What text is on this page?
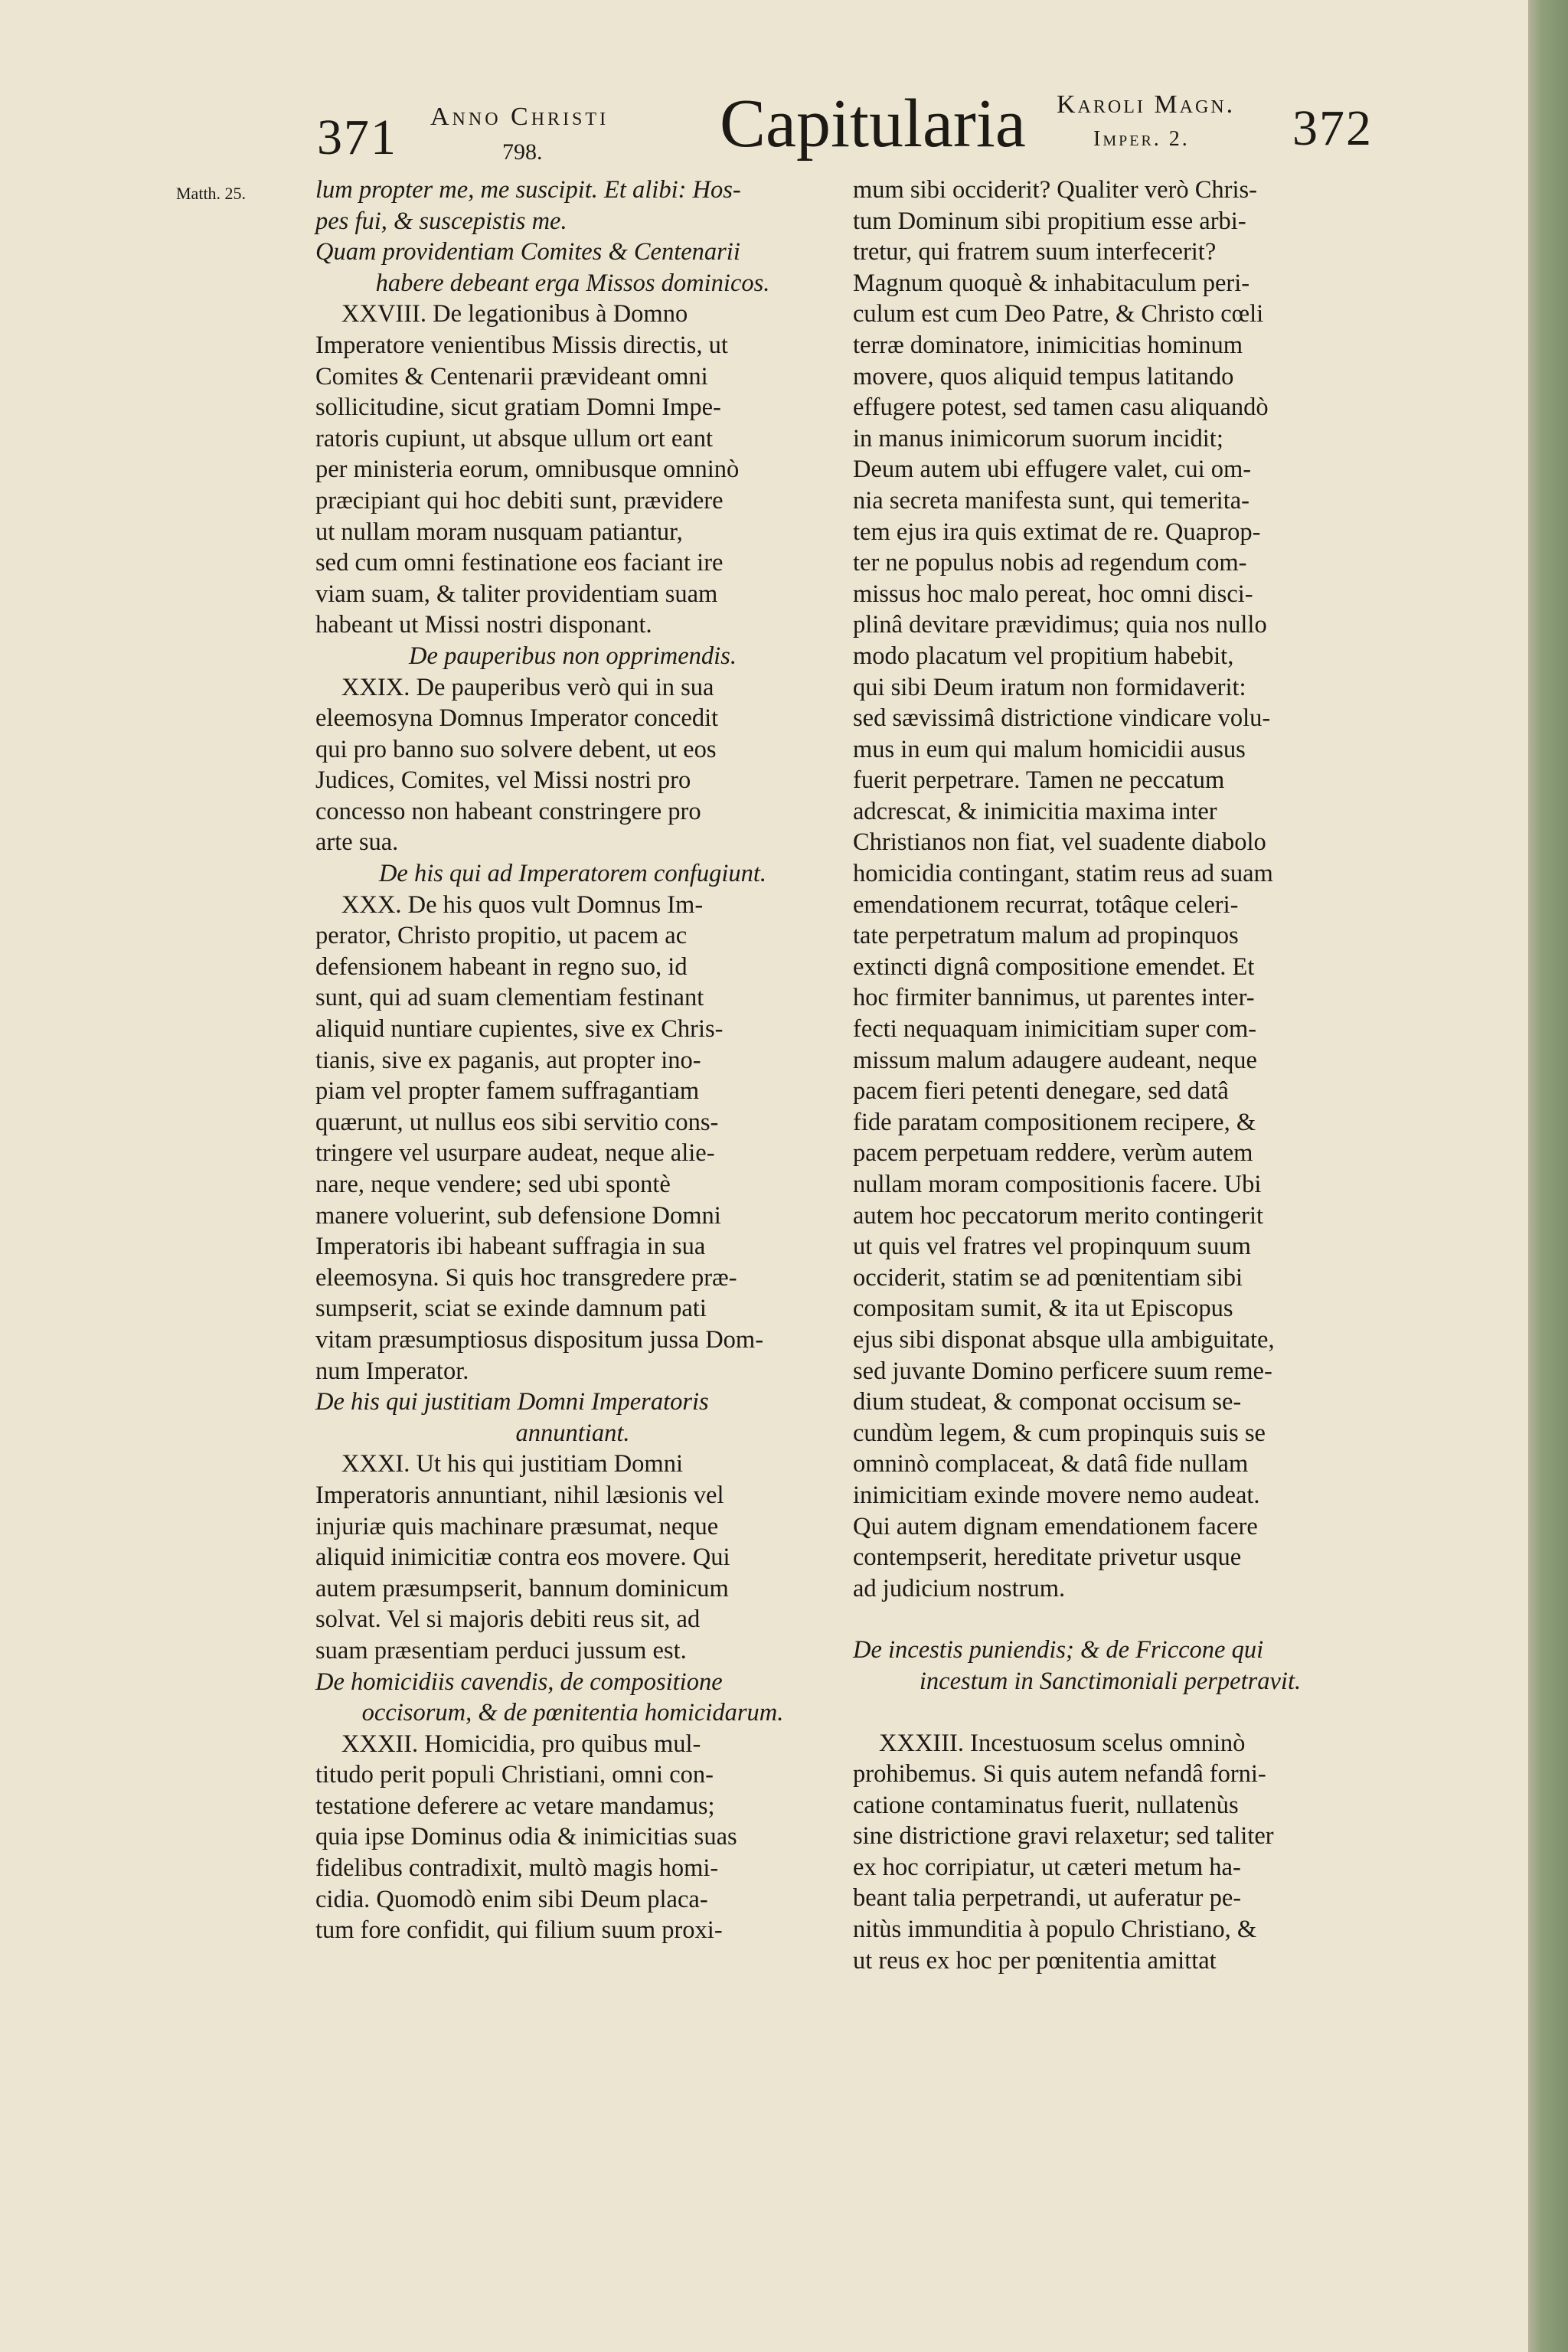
371 Anno Christi
798.	Capitularia Karoli Magn.
Imper. 2. 372
Matth. 25.	lum propter me, me suscipit. Et alibi: Hos-
pes fui, & suscepistis me.
Quam providentiam Comites & Centenarii
habere debeant erga Missos dominicos.
XXVIII. De legationibus à Domno
Imperatore venientibus Missis directis, ut
Comites & Centenarii prævideant omni
sollicitudine, sicut gratiam Domni Impe-
ratoris cupiunt, ut absque ullum ort eant
per ministeria eorum, omnibusque omninò
præcipiant qui hoc debiti sunt, prævidere
ut nullam moram nusquam patiantur,
sed cum omni festinatione eos faciant ire
viam suam, & taliter providentiam suam
habeant ut Missi nostri disponant.
De pauperibus non opprimendis.
XXIX. De pauperibus verò qui in sua
eleemosyna Domnus Imperator concedit
qui pro banno suo solvere debent, ut eos
Judices, Comites, vel Missi nostri pro
concesso non habeant constringere pro
arte sua.
De his qui ad Imperatorem confugiunt.
XXX. De his quos vult Domnus Im-
perator, Christo propitio, ut pacem ac
defensionem habeant in regno suo, id
sunt, qui ad suam clementiam festinant
aliquid nuntiare cupientes, sive ex Chris-
tianis, sive ex paganis, aut propter ino-
piam vel propter famem suffragantiam
quærunt, ut nullus eos sibi servitio cons-
tringere vel usurpare audeat, neque alie-
nare, neque vendere; sed ubi spontè
manere voluerint, sub defensione Domni
Imperatoris ibi habeant suffragia in sua
eleemosyna. Si quis hoc transgredere præ-
sumpserit, sciat se exinde damnum pati
vitam præsumptiosus dispositum jussa Dom-
num Imperator.
De his qui justitiam Domni Imperatoris
annuntiant.
XXXI. Ut his qui justitiam Domni
Imperatoris annuntiant, nihil læsionis vel
injuriæ quis machinare præsumat, neque
aliquid inimicitiæ contra eos movere. Qui
autem præsumpserit, bannum dominicum
solvat. Vel si majoris debiti reus sit, ad
suam præsentiam perduci jussum est.
De homicidiis cavendis, de compositione
occisorum, & de pœnitentia homicidarum.
XXXII. Homicidia, pro quibus mul-
titudo perit populi Christiani, omni con-
testatione deferere ac vetare mandamus;
quia ipse Dominus odia & inimicitias suas
fidelibus contradixit, multò magis homi-
cidia. Quomodò enim sibi Deum placa-
tum fore confidit, qui filium suum proxi-
mum sibi occiderit? Qualiter verò Chris-
tum Dominum sibi propitium esse arbi-
tretur, qui fratrem suum interfecerit?
Magnum quoquè & inhabitaculum peri-
culum est cum Deo Patre, & Christo cœli
terræ dominatore, inimicitias hominum
movere, quos aliquid tempus latitando
effugere potest, sed tamen casu aliquandò
in manus inimicorum suorum incidit;
Deum autem ubi effugere valet, cui om-
nia secreta manifesta sunt, qui temerita-
tem ejus ira quis extimat de re. Quaprop-
ter ne populus nobis ad regendum com-
missus hoc malo pereat, hoc omni disci-
plinâ devitare prævidimus; quia nos nullo
modo placatum vel propitium habebit,
qui sibi Deum iratum non formidaverit:
sed sævissimâ districtione vindicare volu-
mus in eum qui malum homicidii ausus
fuerit perpetrare. Tamen ne peccatum
adcrescat, & inimicitia maxima inter
Christianos non fiat, vel suadente diabolo
homicidia contingant, statim reus ad suam
emendationem recurrat, totâque celeri-
tate perpetratum malum ad propinquos
extincti dignâ compositione emendet. Et
hoc firmiter bannimus, ut parentes inter-
fecti nequaquam inimicitiam super com-
missum malum adaugere audeant, neque
pacem fieri petenti denegare, sed datâ
fide paratam compositionem recipere, &
pacem perpetuam reddere, verùm autem
nullam moram compositionis facere. Ubi
autem hoc peccatorum merito contingerit
ut quis vel fratres vel propinquum suum
occiderit, statim se ad pœnitentiam sibi
compositam sumit, & ita ut Episcopus
ejus sibi disponat absque ulla ambiguitate,
sed juvante Domino perficere suum reme-
dium studeat, & componat occisum se-
cundùm legem, & cum propinquis suis se
omninò complaceat, & datâ fide nullam
inimicitiam exinde movere nemo audeat.
Qui autem dignam emendationem facere
contempserit, hereditate privetur usque
ad judicium nostrum.
De incestis puniendis; & de Friccone qui
incestum in Sanctimoniali perpetravit.
XXXIII. Incestuosum scelus omninò
prohibemus. Si quis autem nefandâ forni-
catione contaminatus fuerit, nullatenùs
sine districtione gravi relaxetur; sed taliter
ex hoc corripiatur, ut cæteri metum ha-
beant talia perpetrandi, ut auferatur pe-
nitùs immunditia à populo Christiano, &
ut reus ex hoc per pœnitentia amittat
